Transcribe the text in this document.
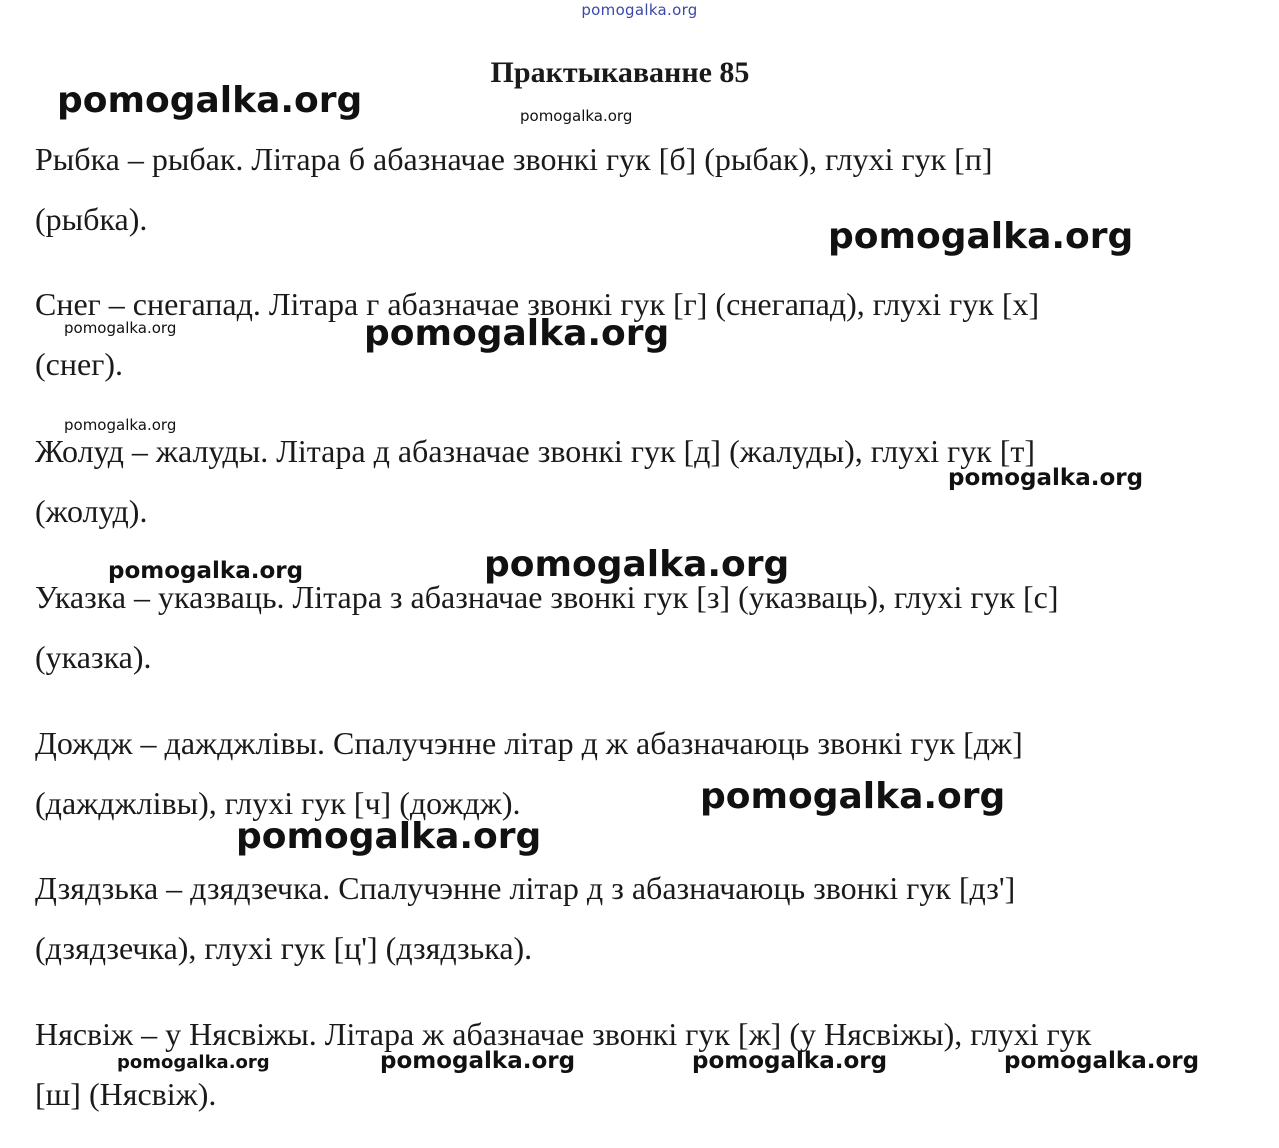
pomogalka.org
Практыкаванне 85
Рыбка – рыбак. Літара б абазначае звонкі гук [б] (рыбак), глухі гук [п]
(рыбка).
Снег – снегапад. Літара г абазначае звонкі гук [г] (снегапад), глухі гук [х]
(снег).
Жолуд – жалуды. Літара д абазначае звонкі гук [д] (жалуды), глухі гук [т]
(жолуд).
Указка – указваць. Літара з абазначае звонкі гук [з] (указваць), глухі гук [с]
(указка).
Дождж – дажджлівы. Спалучэнне літар д ж абазначаюць звонкі гук [дж]
(дажджлівы), глухі гук [ч] (дождж).
Дзядзька – дзядзечка. Спалучэнне літар д з абазначаюць звонкі гук [дз']
(дзядзечка), глухі гук [ц'] (дзядзька).
Нясвіж – у Нясвіжы. Літара ж абазначае звонкі гук [ж] (у Нясвіжы), глухі гук
[ш] (Нясвіж).
pomogalka.org	pomogalka.org
pomogalka.org
pomogalka.org	pomogalka.org
pomogalka.org
pomogalka.org
pomogalka.org	pomogalka.org
pomogalka.org
pomogalka.org
pomogalka.org	pomogalka.org	pomogalka.org	pomogalka.org
